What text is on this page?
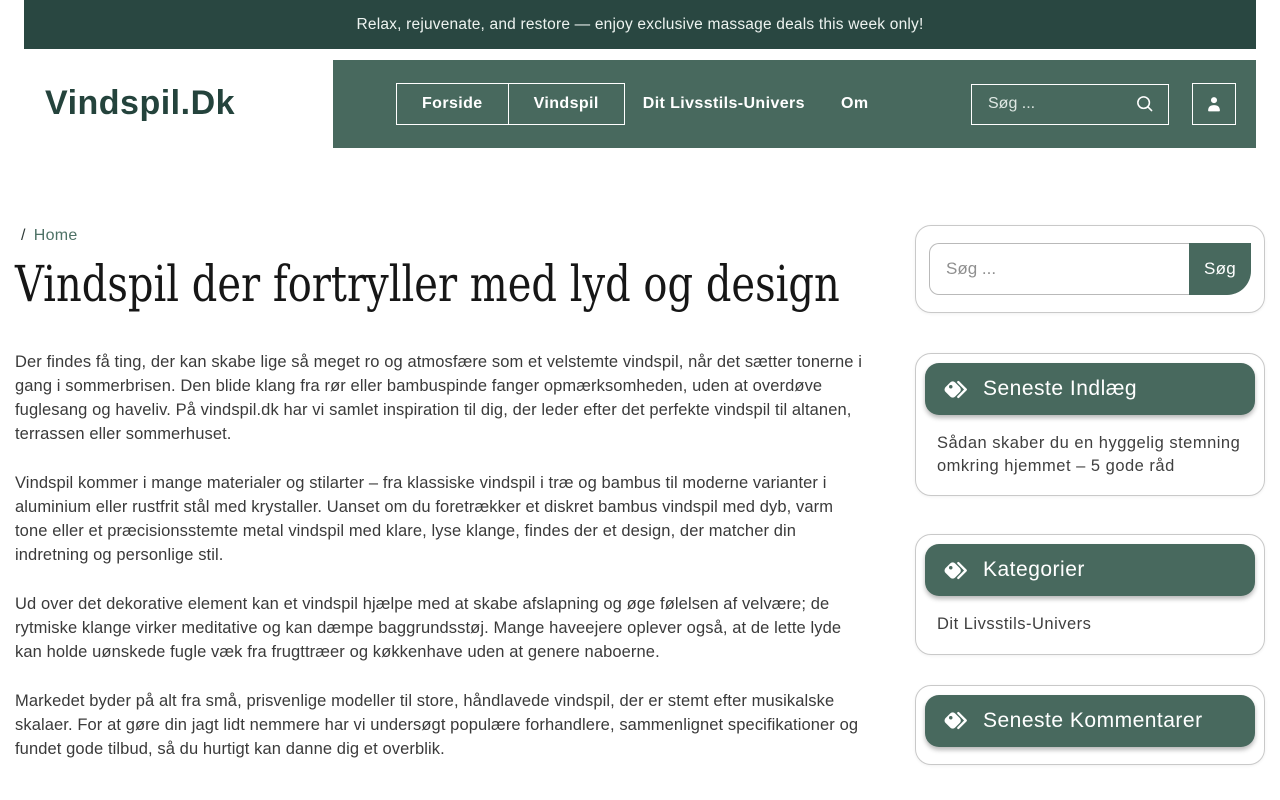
Relax, rejuvenate, and restore — enjoy exclusive massage deals this week only!
Vindspil.Dk	Forside	Vindspil	Dit Livsstils-Univers Om
Søg ...
/ Home
Vindspil der fortryller med lyd og design

Der findes få ting, der kan skabe lige så meget ro og atmosfære som et velstemte vindspil, når det sætter tonerne i gang i sommerbrisen. Den blide klang fra rør eller bambuspinde fanger opmærksomheden, uden at overdøve fuglesang og haveliv. På vindspil.dk har vi samlet inspiration til dig, der leder efter det perfekte vindspil til altanen, terrassen eller sommerhuset.

Vindspil kommer i mange materialer og stilarter – fra klassiske vindspil i træ og bambus til moderne varianter i aluminium eller rustfrit stål med krystaller. Uanset om du foretrækker et diskret bambus vindspil med dyb, varm tone eller et præcisionsstemte metal vindspil med klare, lyse klange, findes der et design, der matcher din indretning og personlige stil.

Ud over det dekorative element kan et vindspil hjælpe med at skabe afslapning og øge følelsen af velvære; de rytmiske klange virker meditative og kan dæmpe baggrundsstøj. Mange haveejere oplever også, at de lette lyde kan holde uønskede fugle væk fra frugttræer og køkkenhave uden at genere naboerne.

Markedet byder på alt fra små, prisvenlige modeller til store, håndlavede vindspil, der er stemt efter musikalske skalaer. For at gøre din jagt lidt nemmere har vi undersøgt populære forhandlere, sammenlignet specifikationer og fundet gode tilbud, så du hurtigt kan danne dig et overblik.

Søg ...
Søg
Seneste Indlæg
Sådan skaber du en hyggelig stemning omkring hjemmet – 5 gode råd
Kategorier
Dit Livsstils-Univers
Seneste Kommentarer
